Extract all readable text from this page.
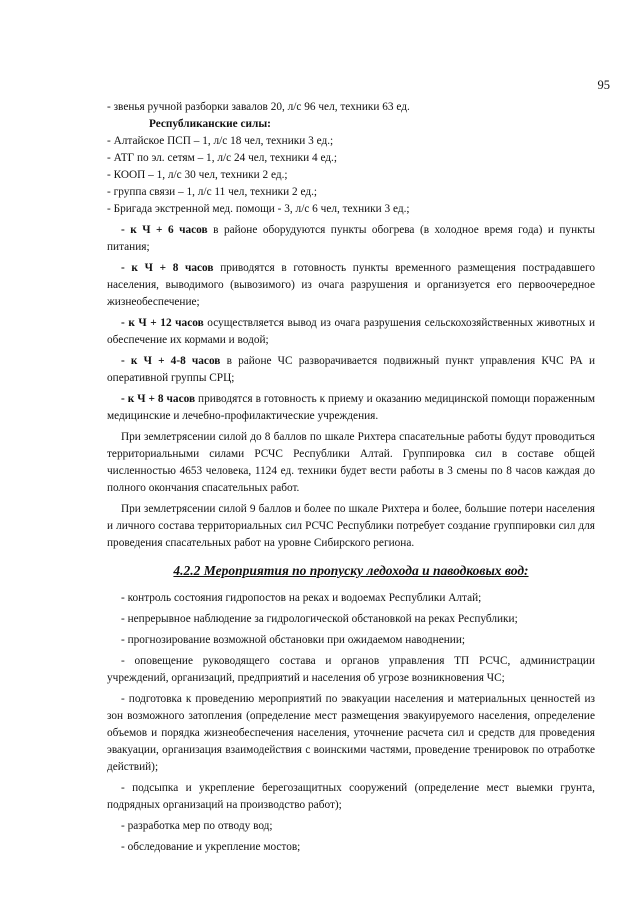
95
- звенья ручной разборки завалов 20, л/с 96 чел, техники 63 ед.
Республиканские силы:
- Алтайское ПСП – 1, л/с 18 чел, техники 3 ед.;
- АТГ по эл. сетям – 1, л/с 24 чел, техники 4 ед.;
- КООП – 1, л/с 30 чел, техники 2 ед.;
- группа связи – 1, л/с 11 чел, техники 2 ед.;
- Бригада экстренной мед. помощи - 3, л/с 6 чел, техники 3 ед.;

- к Ч + 6 часов в районе оборудуются пункты обогрева (в холодное время года) и пункты питания;

- к Ч + 8 часов приводятся в готовность пункты временного размещения пострадавшего населения, выводимого (вывозимого) из очага разрушения и организуется его первоочередное жизнеобеспечение;

- к Ч + 12 часов осуществляется вывод из очага разрушения сельскохозяйственных животных и обеспечение их кормами и водой;

- к Ч + 4-8 часов в районе ЧС разворачивается подвижный пункт управления КЧС РА и оперативной группы СРЦ;

- к Ч + 8 часов приводятся в готовность к приему и оказанию медицинской помощи пораженным медицинские и лечебно-профилактические учреждения.

При землетрясении силой до 8 баллов по шкале Рихтера спасательные работы будут проводиться территориальными силами РСЧС Республики Алтай. Группировка сил в составе общей численностью 4653 человека, 1124 ед. техники будет вести работы в 3 смены по 8 часов каждая до полного окончания спасательных работ.

При землетрясении силой 9 баллов и более по шкале Рихтера и более, большие потери населения и личного состава территориальных сил РСЧС Республики потребует создание группировки сил для проведения спасательных работ на уровне Сибирского региона.

4.2.2 Мероприятия по пропуску ледохода и паводковых вод:

- контроль состояния гидропостов на реках и водоемах Республики Алтай;

- непрерывное наблюдение за гидрологической обстановкой на реках Республики;

- прогнозирование возможной обстановки при ожидаемом наводнении;

- оповещение руководящего состава и органов управления ТП РСЧС, администрации учреждений, организаций, предприятий и населения об угрозе возникновения ЧС;

- подготовка к проведению мероприятий по эвакуации населения и материальных ценностей из зон возможного затопления (определение мест размещения эвакуируемого населения, определение объемов и порядка жизнеобеспечения населения, уточнение расчета сил и средств для проведения эвакуации, организация взаимодействия с воинскими частями, проведение тренировок по отработке действий);

- подсыпка и укрепление берегозащитных сооружений (определение мест выемки грунта, подрядных организаций на производство работ);

- разработка мер по отводу вод;

- обследование и укрепление мостов;
